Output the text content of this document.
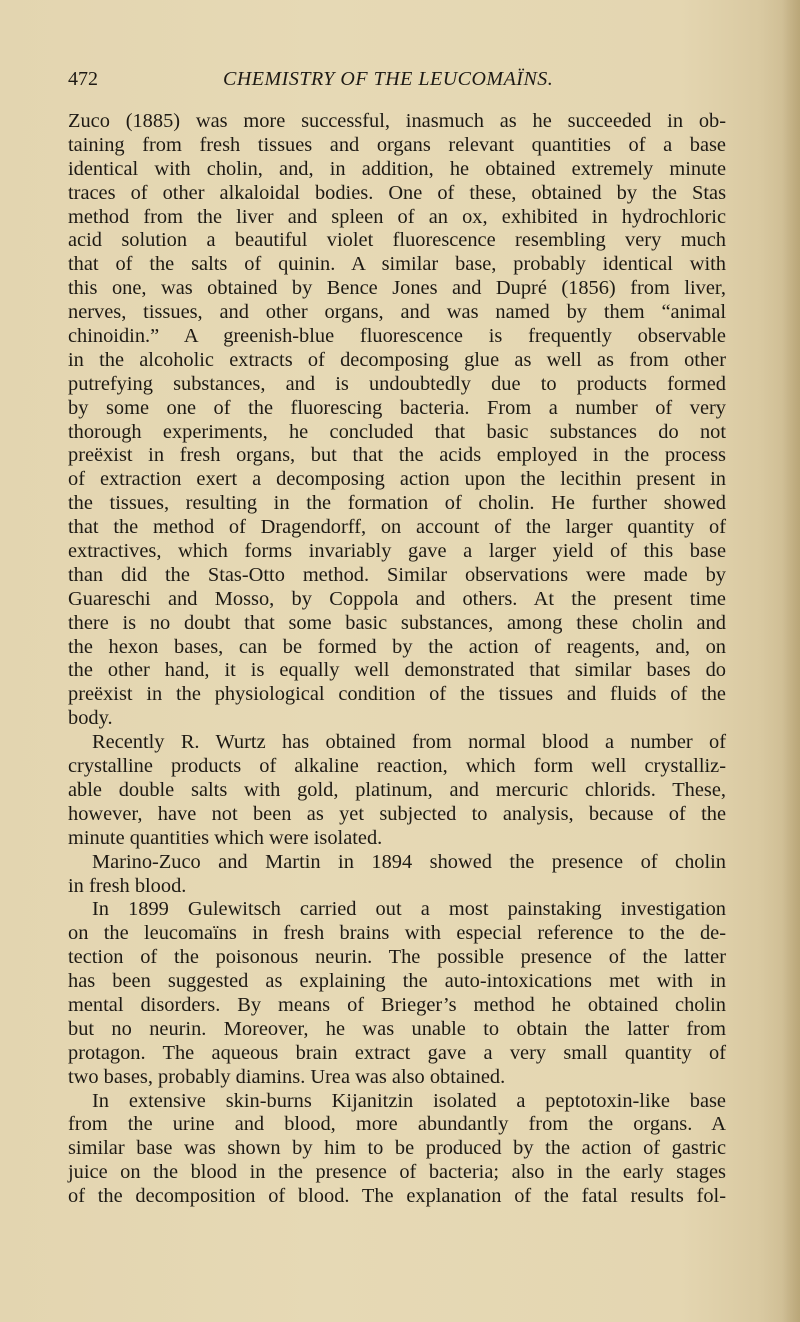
472	CHEMISTRY OF THE LEUCOMAÏNS.
Zuco (1885) was more successful, inasmuch as he succeeded in ob-
taining from fresh tissues and organs relevant quantities of a base
identical with cholin, and, in addition, he obtained extremely minute
traces of other alkaloidal bodies. One of these, obtained by the Stas
method from the liver and spleen of an ox, exhibited in hydrochloric
acid solution a beautiful violet fluorescence resembling very much
that of the salts of quinin. A similar base, probably identical with
this one, was obtained by Bence Jones and Dupré (1856) from liver,
nerves, tissues, and other organs, and was named by them “animal
chinoidin.” A greenish-blue fluorescence is frequently observable
in the alcoholic extracts of decomposing glue as well as from other
putrefying substances, and is undoubtedly due to products formed
by some one of the fluorescing bacteria. From a number of very
thorough experiments, he concluded that basic substances do not
preëxist in fresh organs, but that the acids employed in the process
of extraction exert a decomposing action upon the lecithin present in
the tissues, resulting in the formation of cholin. He further showed
that the method of Dragendorff, on account of the larger quantity of
extractives, which forms invariably gave a larger yield of this base
than did the Stas-Otto method. Similar observations were made by
Guareschi and Mosso, by Coppola and others. At the present time
there is no doubt that some basic substances, among these cholin and
the hexon bases, can be formed by the action of reagents, and, on
the other hand, it is equally well demonstrated that similar bases do
preëxist in the physiological condition of the tissues and fluids of the
body.
Recently R. Wurtz has obtained from normal blood a number of
crystalline products of alkaline reaction, which form well crystalliz-
able double salts with gold, platinum, and mercuric chlorids. These,
however, have not been as yet subjected to analysis, because of the
minute quantities which were isolated.
Marino-Zuco and Martin in 1894 showed the presence of cholin
in fresh blood.
In 1899 Gulewitsch carried out a most painstaking investigation
on the leucomaïns in fresh brains with especial reference to the de-
tection of the poisonous neurin. The possible presence of the latter
has been suggested as explaining the auto-intoxications met with in
mental disorders. By means of Brieger’s method he obtained cholin
but no neurin. Moreover, he was unable to obtain the latter from
protagon. The aqueous brain extract gave a very small quantity of
two bases, probably diamins. Urea was also obtained.
In extensive skin-burns Kijanitzin isolated a peptotoxin-like base
from the urine and blood, more abundantly from the organs. A
similar base was shown by him to be produced by the action of gastric
juice on the blood in the presence of bacteria; also in the early stages
of the decomposition of blood. The explanation of the fatal results fol-
